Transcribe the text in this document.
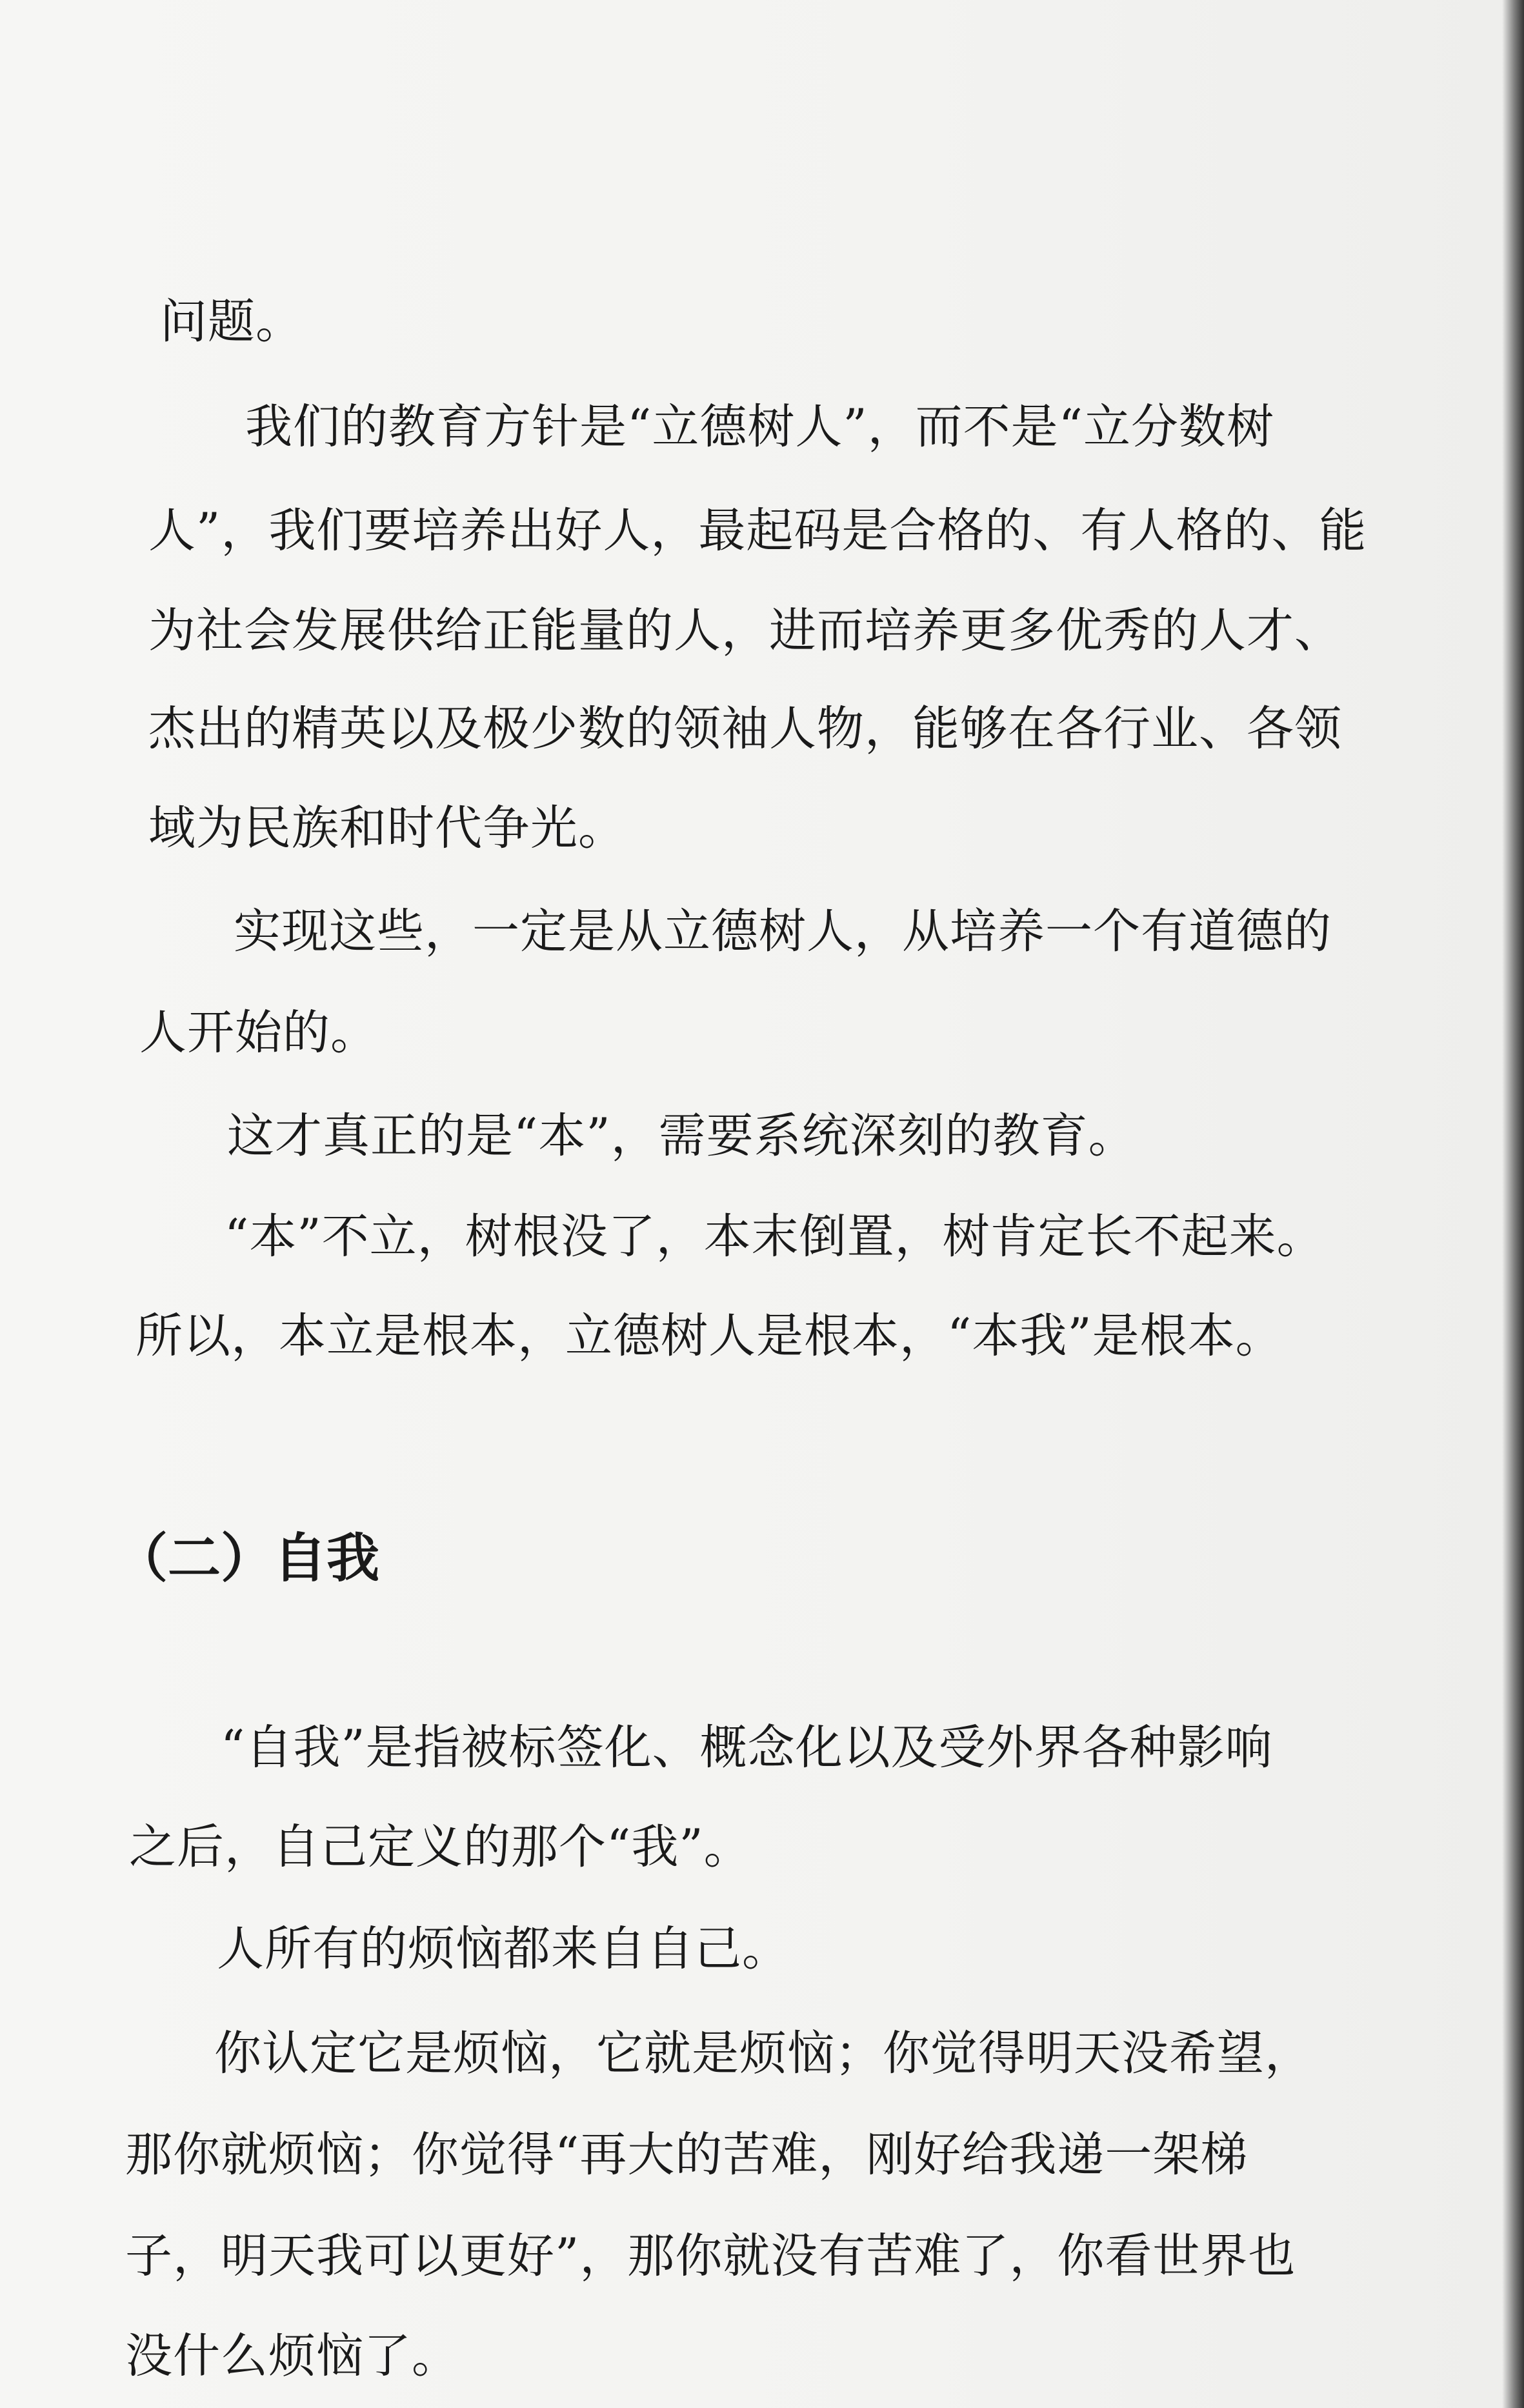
问题。
我们的教育方针是“立德树人”，而不是“立分数树
人”，我们要培养出好人，最起码是合格的、有人格的、能
为社会发展供给正能量的人，进而培养更多优秀的人才、
杰出的精英以及极少数的领袖人物，能够在各行业、各领
域为民族和时代争光。
实现这些，一定是从立德树人，从培养一个有道德的
人开始的。
这才真正的是“本”，需要系统深刻的教育。
“本”不立，树根没了，本末倒置，树肯定长不起来。
所以，本立是根本，立德树人是根本，“本我”是根本。
（二）自我
“自我”是指被标签化、概念化以及受外界各种影响
之后，自己定义的那个“我”。
人所有的烦恼都来自自己。
你认定它是烦恼，它就是烦恼；你觉得明天没希望，
那你就烦恼；你觉得“再大的苦难，刚好给我递一架梯
子，明天我可以更好”，那你就没有苦难了，你看世界也
没什么烦恼了。
